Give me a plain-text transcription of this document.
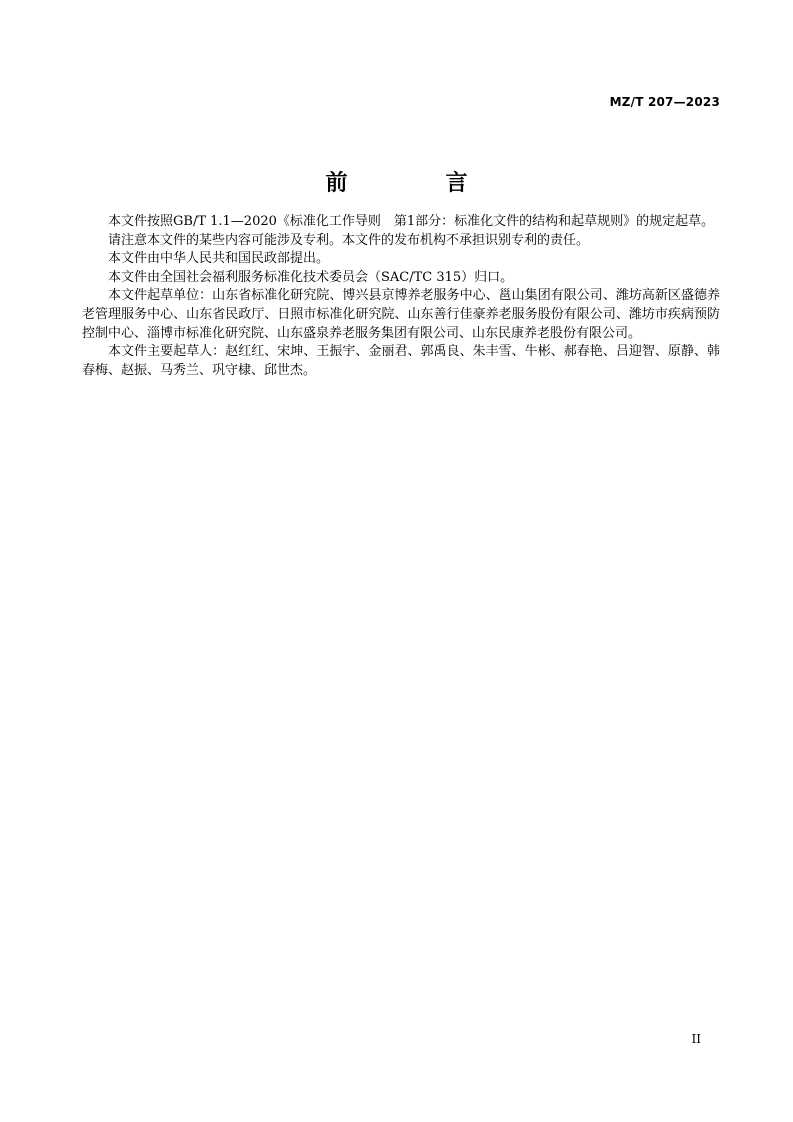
MZ/T 207—2023
前　言

本文件按照GB/T 1.1—2020《标准化工作导则　第1部分：标准化文件的结构和起草规则》的规定起草。

请注意本文件的某些内容可能涉及专利。本文件的发布机构不承担识别专利的责任。

本文件由中华人民共和国民政部提出。

本文件由全国社会福利服务标准化技术委员会（SAC/TC 315）归口。

本文件起草单位：山东省标准化研究院、博兴县京博养老服务中心、邕山集团有限公司、潍坊高新区盛德养老管理服务中心、山东省民政厅、日照市标准化研究院、山东善行佳豪养老服务股份有限公司、潍坊市疾病预防控制中心、淄博市标准化研究院、山东盛泉养老服务集团有限公司、山东民康养老股份有限公司。

本文件主要起草人：赵红红、宋坤、王振宇、金丽君、郭禹良、朱丰雪、牛彬、郝春艳、吕迎智、原静、韩春梅、赵振、马秀兰、巩守棣、邱世杰。

II
